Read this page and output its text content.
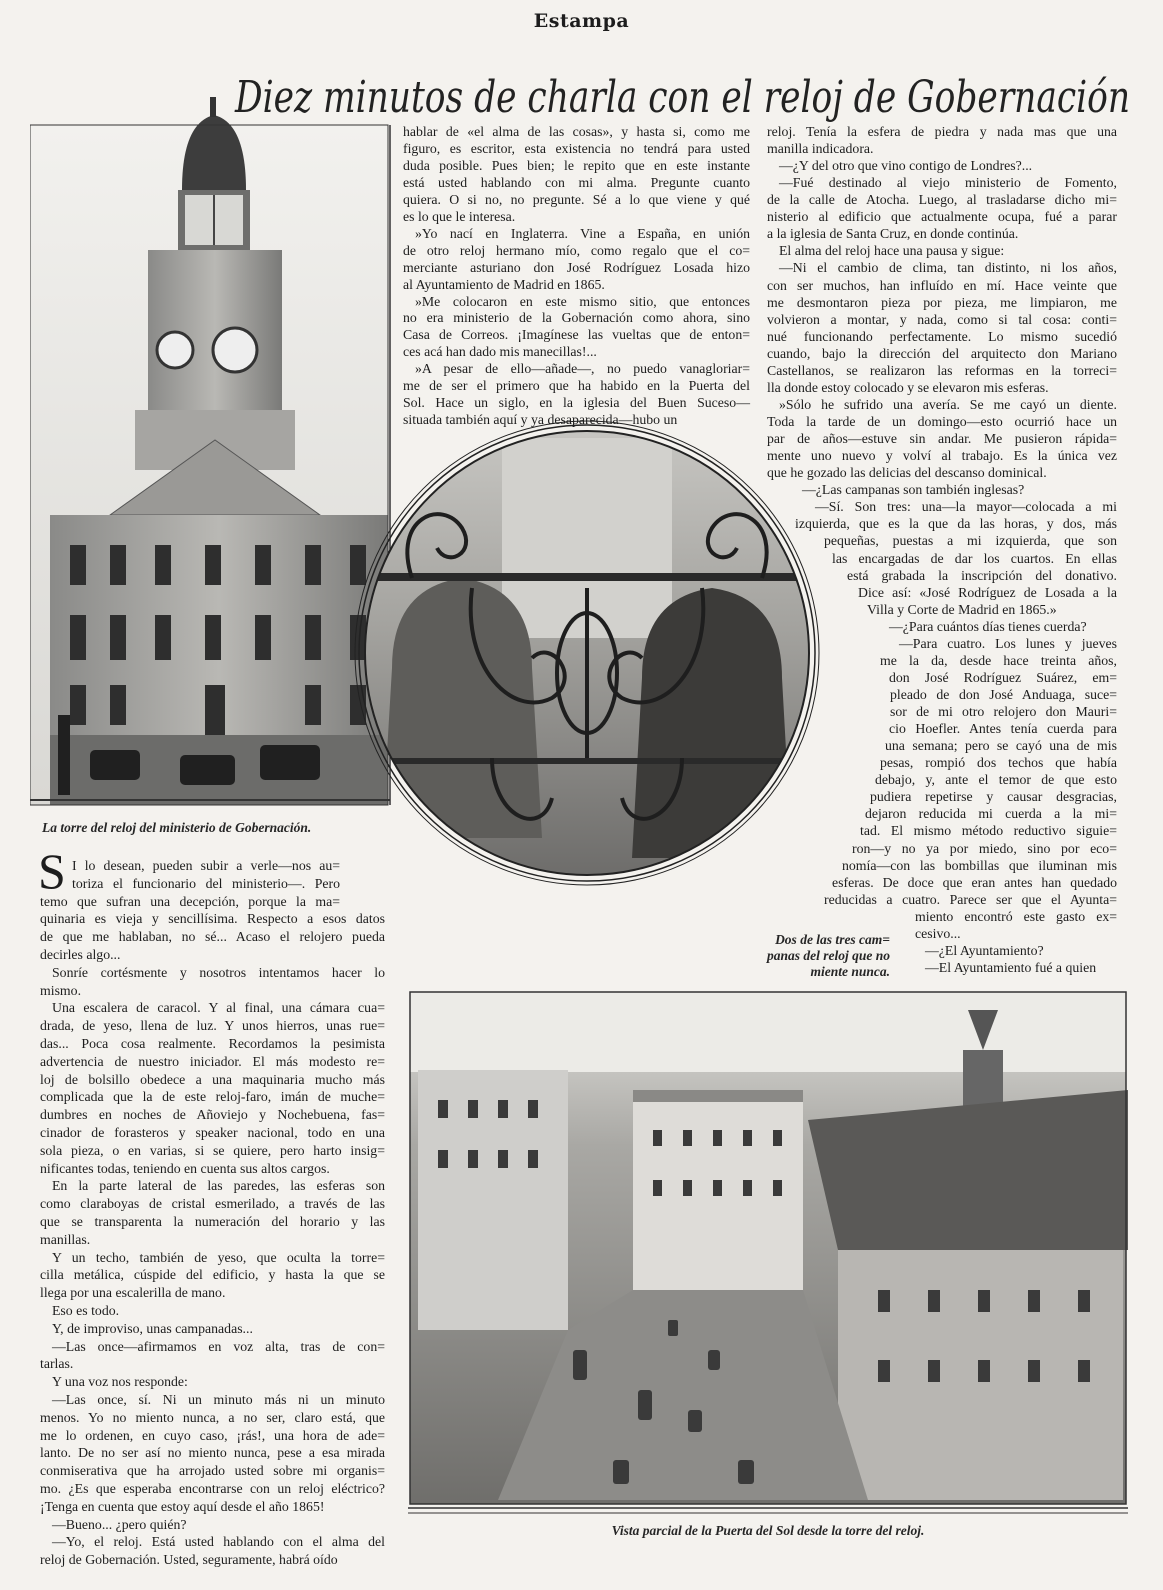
Estampa
Diez minutos de charla con el reloj de Gobernación
La torre del reloj del ministerio de Gobernación.
Dos de las tres cam=
panas del reloj que no
miente nunca.
Vista parcial de la Puerta del Sol desde la torre del reloj.
S I lo desean, pueden subir a verle—nos au=
toriza el funcionario del ministerio—. Pero
temo que sufran una decepción, porque la ma=
quinaria es vieja y sencillísima. Respecto a esos datos
de que me hablaban, no sé... Acaso el relojero pueda
decirles algo...
Sonríe cortésmente y nosotros intentamos hacer lo
mismo.
Una escalera de caracol. Y al final, una cámara cua=
drada, de yeso, llena de luz. Y unos hierros, unas rue=
das... Poca cosa realmente. Recordamos la pesimista
advertencia de nuestro iniciador. El más modesto re=
loj de bolsillo obedece a una maquinaria mucho más
complicada que la de este reloj-faro, imán de muche=
dumbres en noches de Añoviejo y Nochebuena, fas=
cinador de forasteros y speaker nacional, todo en una
sola pieza, o en varias, si se quiere, pero harto insig=
nificantes todas, teniendo en cuenta sus altos cargos.
En la parte lateral de las paredes, las esferas son
como claraboyas de cristal esmerilado, a través de las
que se transparenta la numeración del horario y las
manillas.
Y un techo, también de yeso, que oculta la torre=
cilla metálica, cúspide del edificio, y hasta la que se
llega por una escalerilla de mano.
Eso es todo.
Y, de improviso, unas campanadas...
—Las once—afirmamos en voz alta, tras de con=
tarlas.
Y una voz nos responde:
—Las once, sí. Ni un minuto más ni un minuto
menos. Yo no miento nunca, a no ser, claro está, que
me lo ordenen, en cuyo caso, ¡rás!, una hora de ade=
lanto. De no ser así no miento nunca, pese a esa mirada
conmiserativa que ha arrojado usted sobre mi organis=
mo. ¿Es que esperaba encontrarse con un reloj eléctrico?
¡Tenga en cuenta que estoy aquí desde el año 1865!
—Bueno... ¿pero quién?
—Yo, el reloj. Está usted hablando con el alma del
reloj de Gobernación. Usted, seguramente, habrá oído
hablar de «el alma de las cosas», y hasta si, como me
figuro, es escritor, esta existencia no tendrá para usted
duda posible. Pues bien; le repito que en este instante
está usted hablando con mi alma. Pregunte cuanto
quiera. O si no, no pregunte. Sé a lo que viene y qué
es lo que le interesa.
»Yo nací en Inglaterra. Vine a España, en unión
de otro reloj hermano mío, como regalo que el co=
merciante asturiano don José Rodríguez Losada hizo
al Ayuntamiento de Madrid en 1865.
»Me colocaron en este mismo sitio, que entonces
no era ministerio de la Gobernación como ahora, sino
Casa de Correos. ¡Imagínese las vueltas que de enton=
ces acá han dado mis manecillas!...
»A pesar de ello—añade—, no puedo vanagloriar=
me de ser el primero que ha habido en la Puerta del
Sol. Hace un siglo, en la iglesia del Buen Suceso—
situada también aquí y ya desaparecida—hubo un
reloj. Tenía la esfera de piedra y nada mas que una
manilla indicadora.
—¿Y del otro que vino contigo de Londres?...
—Fué destinado al viejo ministerio de Fomento,
de la calle de Atocha. Luego, al trasladarse dicho mi=
nisterio al edificio que actualmente ocupa, fué a parar
a la iglesia de Santa Cruz, en donde continúa.
El alma del reloj hace una pausa y sigue:
—Ni el cambio de clima, tan distinto, ni los años,
con ser muchos, han influído en mí. Hace veinte que
me desmontaron pieza por pieza, me limpiaron, me
volvieron a montar, y nada, como si tal cosa: conti=
nué funcionando perfectamente. Lo mismo sucedió
cuando, bajo la dirección del arquitecto don Mariano
Castellanos, se realizaron las reformas en la torreci=
lla donde estoy colocado y se elevaron mis esferas.
»Sólo he sufrido una avería. Se me cayó un diente.
Toda la tarde de un domingo—esto ocurrió hace un
par de años—estuve sin andar. Me pusieron rápida=
mente uno nuevo y volví al trabajo. Es la única vez
que he gozado las delicias del descanso dominical.
—¿Las campanas son también inglesas?
—Sí. Son tres: una—la mayor—colocada a mi
izquierda, que es la que da las horas, y dos, más
pequeñas, puestas a mi izquierda, que son
las encargadas de dar los cuartos. En ellas
está grabada la inscripción del donativo.
Dice así: «José Rodríguez de Losada a la
Villa y Corte de Madrid en 1865.»
—¿Para cuántos días tienes cuerda?
—Para cuatro. Los lunes y jueves
me la da, desde hace treinta años,
don José Rodríguez Suárez, em=
pleado de don José Anduaga, suce=
sor de mi otro relojero don Mauri=
cio Hoefler. Antes tenía cuerda para
una semana; pero se cayó una de mis
pesas, rompió dos techos que había
debajo, y, ante el temor de que esto
pudiera repetirse y causar desgracias,
dejaron reducida mi cuerda a la mi=
tad. El mismo método reductivo siguie=
ron—y no ya por miedo, sino por eco=
nomía—con las bombillas que iluminan mis
esferas. De doce que eran antes han quedado
reducidas a cuatro. Parece ser que el Ayunta=
miento encontró este gasto ex=
cesivo...
—¿El Ayuntamiento?
—El Ayuntamiento fué a quien
